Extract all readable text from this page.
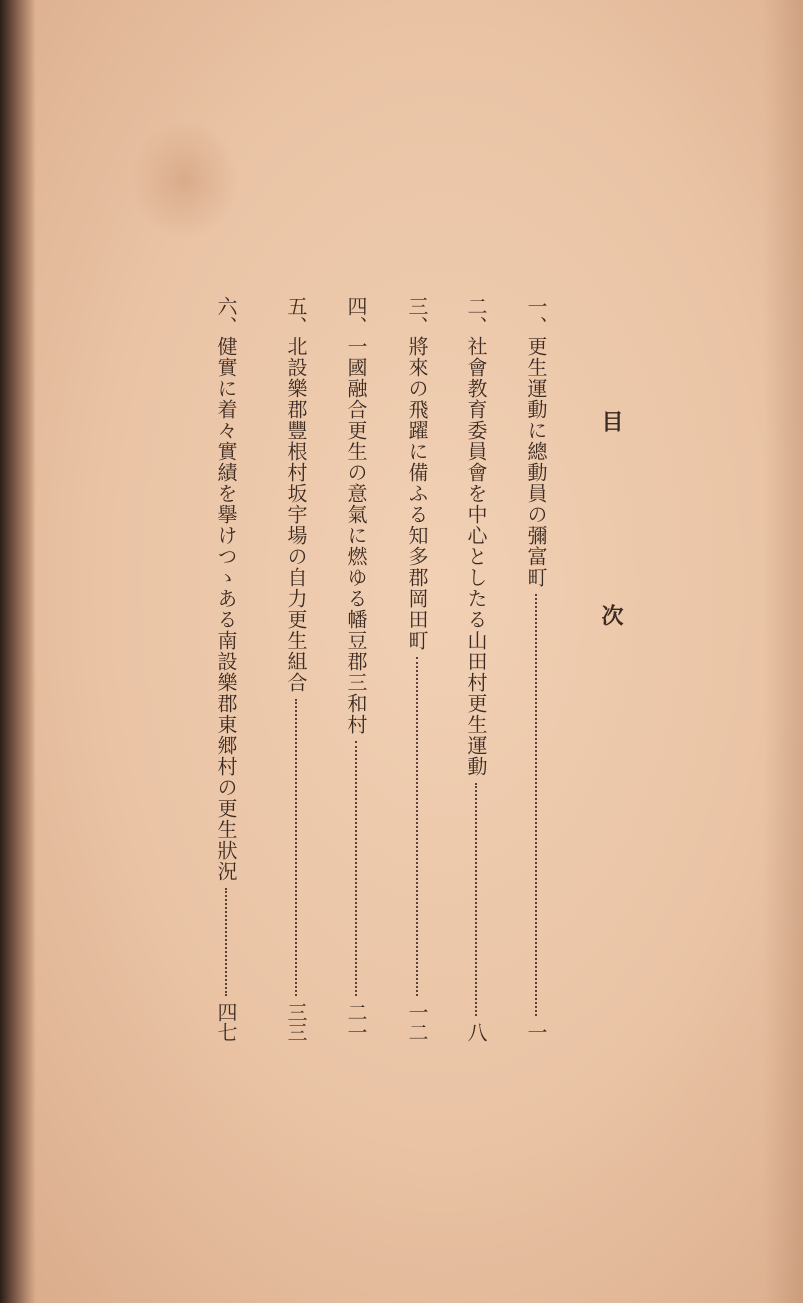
目
次
一、
更生運動に總動員の彌富町
一
二、
社會教育委員會を中心としたる山田村更生運動
八
三、
將來の飛躍に備ふる知多郡岡田町
一二
四、
一國融合更生の意氣に燃ゆる幡豆郡三和村
二一
五、
北設樂郡豐根村坂宇場の自力更生組合
三三
六、
健實に着々實績を擧けつゝある南設樂郡東郷村の更生狀況
四七
